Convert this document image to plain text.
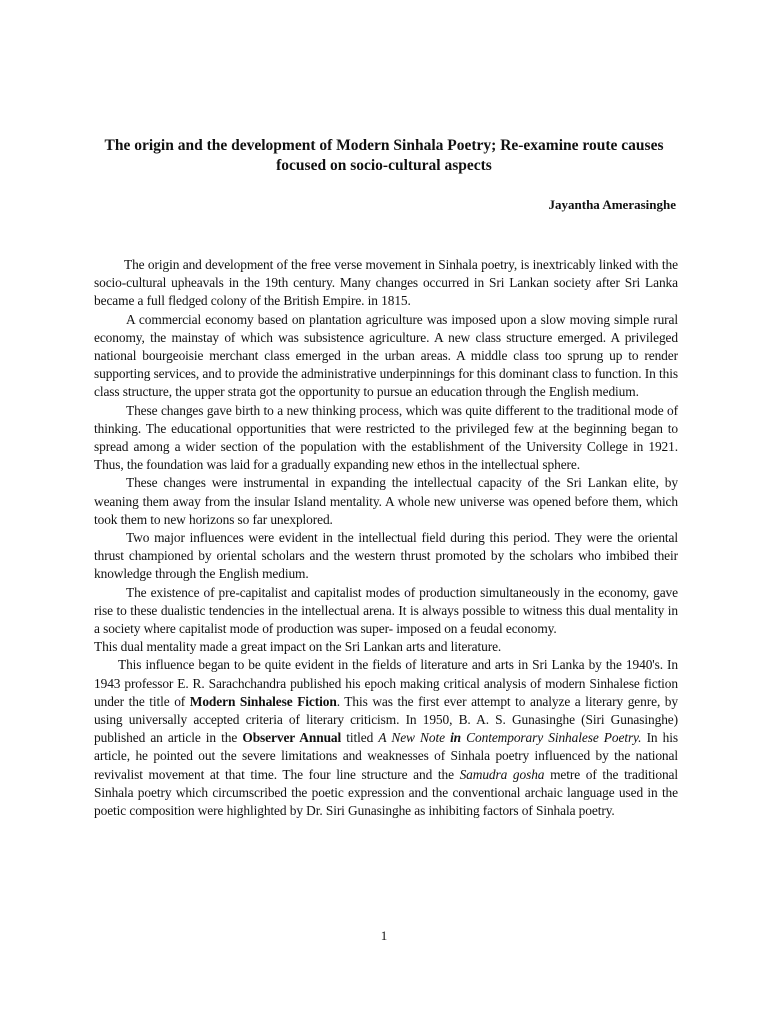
The origin and the development of Modern Sinhala Poetry; Re-examine route causes focused on socio-cultural aspects
Jayantha Amerasinghe

The origin and development of the free verse movement in Sinhala poetry, is inextricably linked with the socio-cultural upheavals in the 19th century. Many changes occurred in Sri Lankan society after Sri Lanka became a full fledged colony of the British Empire. in 1815.

A commercial economy based on plantation agriculture was imposed upon a slow moving simple rural economy, the mainstay of which was subsistence agriculture. A new class structure emerged. A privileged national bourgeoisie merchant class emerged in the urban areas. A middle class too sprung up to render supporting services, and to provide the administrative underpinnings for this dominant class to function. In this class structure, the upper strata got the opportunity to pursue an education through the English medium.

These changes gave birth to a new thinking process, which was quite different to the traditional mode of thinking. The educational opportunities that were restricted to the privileged few at the beginning began to spread among a wider section of the population with the establishment of the University College in 1921. Thus, the foundation was laid for a gradually expanding new ethos in the intellectual sphere.

These changes were instrumental in expanding the intellectual capacity of the Sri Lankan elite, by weaning them away from the insular Island mentality. A whole new universe was opened before them, which took them to new horizons so far unexplored.

Two major influences were evident in the intellectual field during this period. They were the oriental thrust championed by oriental scholars and the western thrust promoted by the scholars who imbibed their knowledge through the English medium.

The existence of pre-capitalist and capitalist modes of production simultaneously in the economy, gave rise to these dualistic tendencies in the intellectual arena. It is always possible to witness this dual mentality in a society where capitalist mode of production was super- imposed on a feudal economy.

This dual mentality made a great impact on the Sri Lankan arts and literature.

This influence began to be quite evident in the fields of literature and arts in Sri Lanka by the 1940's. In 1943 professor E. R. Sarachchandra published his epoch making critical analysis of modern Sinhalese fiction under the title of Modern Sinhalese Fiction. This was the first ever attempt to analyze a literary genre, by using universally accepted criteria of literary criticism. In 1950, B. A. S. Gunasinghe (Siri Gunasinghe) published an article in the Observer Annual titled A New Note in Contemporary Sinhalese Poetry. In his article, he pointed out the severe limitations and weaknesses of Sinhala poetry influenced by the national revivalist movement at that time. The four line structure and the Samudra gosha metre of the traditional Sinhala poetry which circumscribed the poetic expression and the conventional archaic language used in the poetic composition were highlighted by Dr. Siri Gunasinghe as inhibiting factors of Sinhala poetry.

1
